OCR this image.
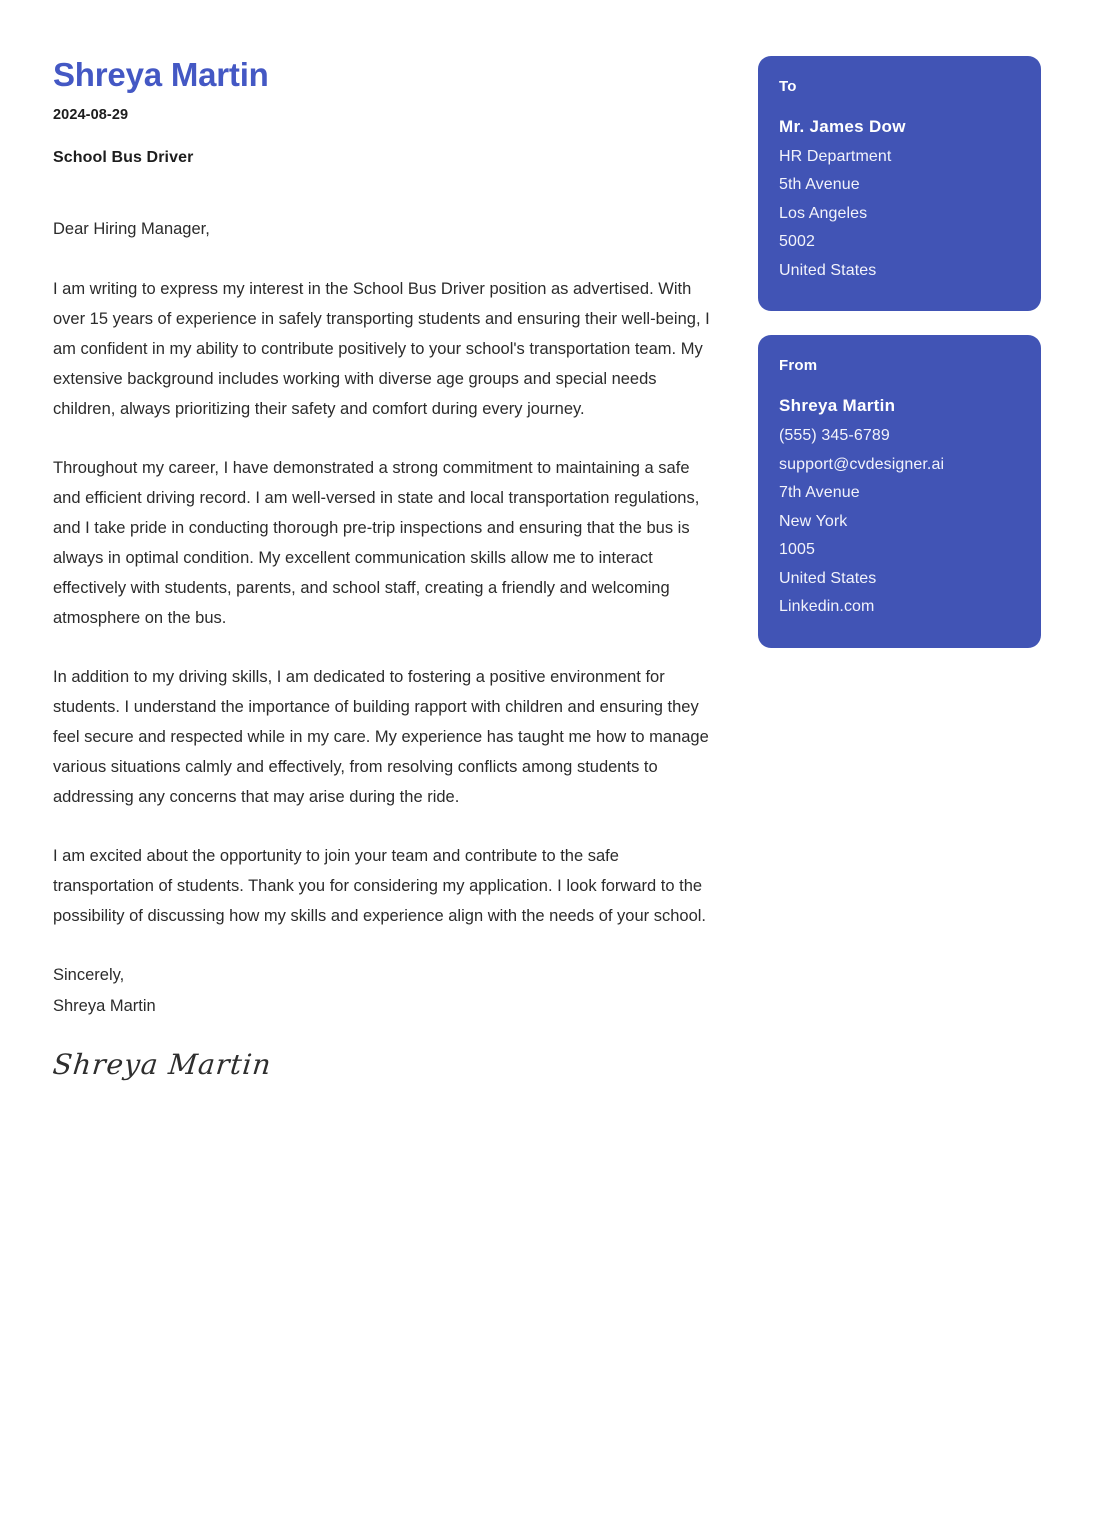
Shreya Martin
2024-08-29
School Bus Driver
Dear Hiring Manager,

I am writing to express my interest in the School Bus Driver position as advertised. With over 15 years of experience in safely transporting students and ensuring their well-being, I am confident in my ability to contribute positively to your school's transportation team. My extensive background includes working with diverse age groups and special needs children, always prioritizing their safety and comfort during every journey.

Throughout my career, I have demonstrated a strong commitment to maintaining a safe and efficient driving record. I am well-versed in state and local transportation regulations, and I take pride in conducting thorough pre-trip inspections and ensuring that the bus is always in optimal condition. My excellent communication skills allow me to interact effectively with students, parents, and school staff, creating a friendly and welcoming atmosphere on the bus.

In addition to my driving skills, I am dedicated to fostering a positive environment for students. I understand the importance of building rapport with children and ensuring they feel secure and respected while in my care. My experience has taught me how to manage various situations calmly and effectively, from resolving conflicts among students to addressing any concerns that may arise during the ride.

I am excited about the opportunity to join your team and contribute to the safe transportation of students. Thank you for considering my application. I look forward to the possibility of discussing how my skills and experience align with the needs of your school.

Sincerely,
Shreya Martin
Shreya Martin
To
Mr. James Dow
HR Department
5th Avenue
Los Angeles
5002
United States
From
Shreya Martin
(555) 345-6789
support@cvdesigner.ai
7th Avenue
New York
1005
United States
Linkedin.com
